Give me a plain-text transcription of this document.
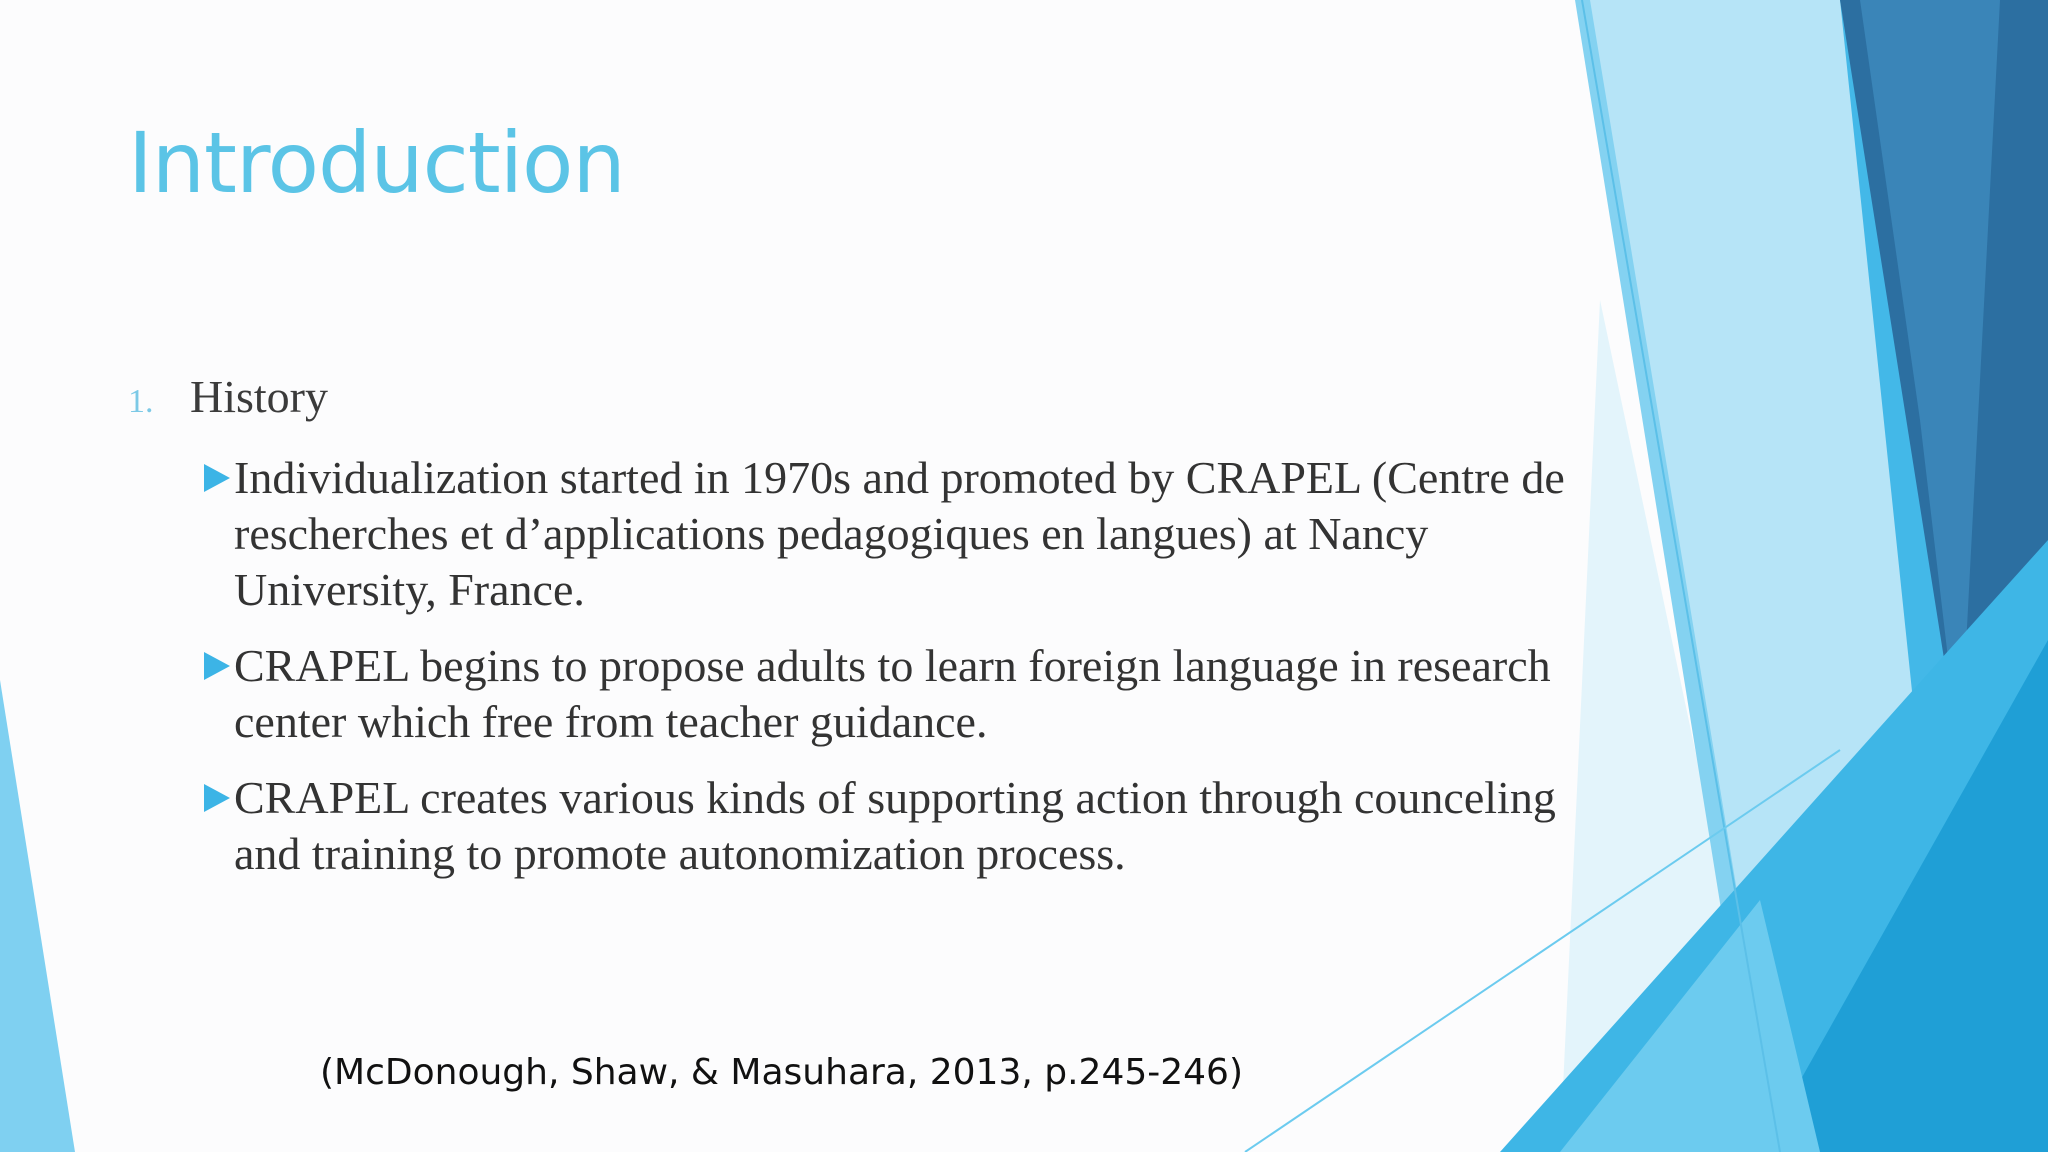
Introduction
1. History
Individualization started in 1970s and promoted by CRAPEL (Centre de rescherches et d’applications pedagogiques en langues) at Nancy University, France.
CRAPEL begins to propose adults to learn foreign language in research center which free from teacher guidance.
CRAPEL creates various kinds of supporting action through counceling and training to promote autonomization process.

(McDonough, Shaw, & Masuhara, 2013, p.245-246)
